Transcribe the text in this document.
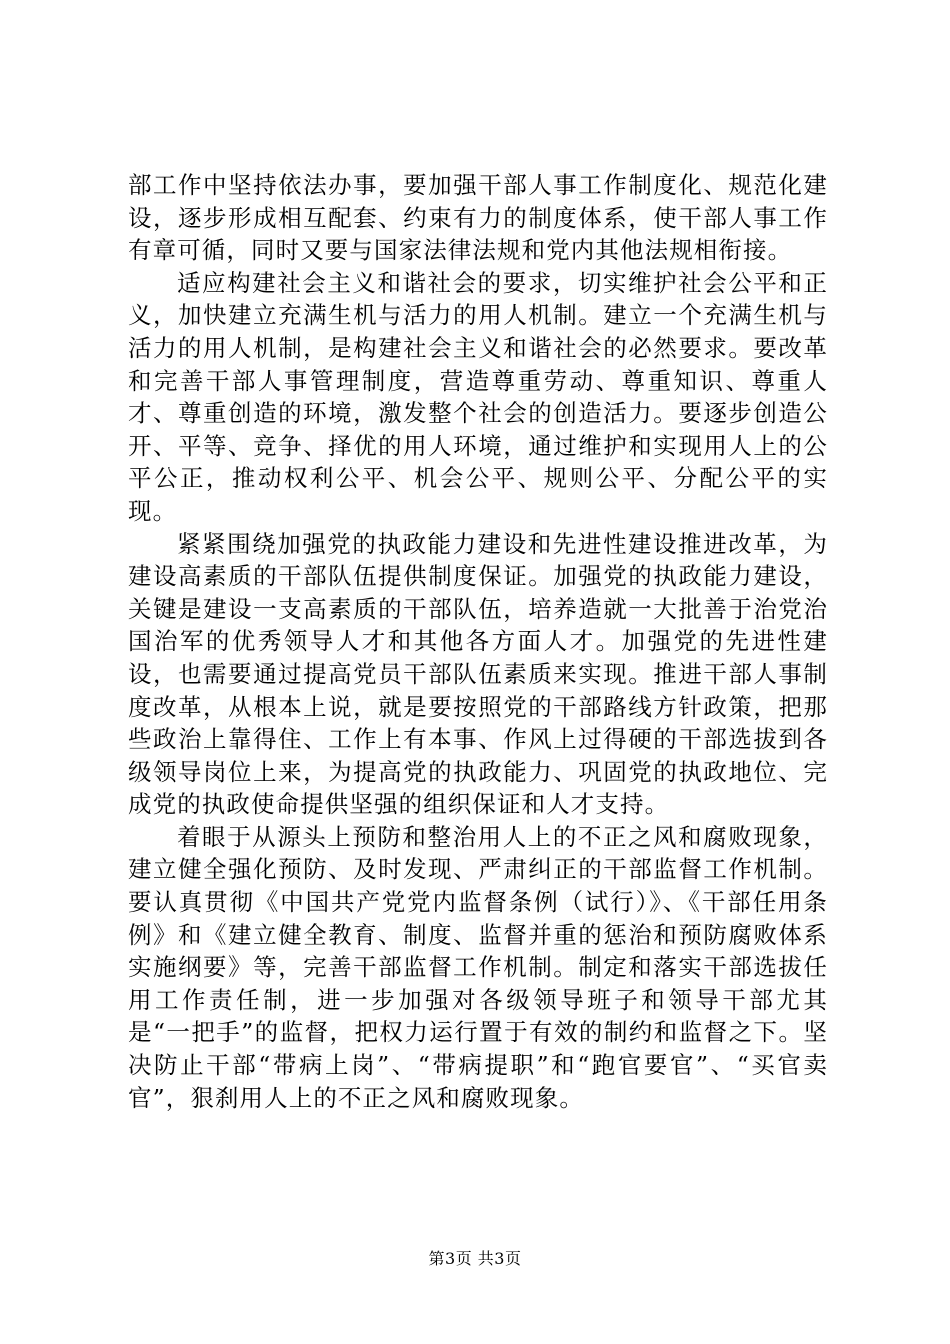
部工作中坚持依法办事，要加强干部人事工作制度化、规范化建设，逐步形成相互配套、约束有力的制度体系，使干部人事工作有章可循，同时又要与国家法律法规和党内其他法规相衔接。

适应构建社会主义和谐社会的要求，切实维护社会公平和正义，加快建立充满生机与活力的用人机制。建立一个充满生机与活力的用人机制，是构建社会主义和谐社会的必然要求。要改革和完善干部人事管理制度，营造尊重劳动、尊重知识、尊重人才、尊重创造的环境，激发整个社会的创造活力。要逐步创造公开、平等、竞争、择优的用人环境，通过维护和实现用人上的公平公正，推动权利公平、机会公平、规则公平、分配公平的实现。

紧紧围绕加强党的执政能力建设和先进性建设推进改革，为建设高素质的干部队伍提供制度保证。加强党的执政能力建设，关键是建设一支高素质的干部队伍，培养造就一大批善于治党治国治军的优秀领导人才和其他各方面人才。加强党的先进性建设，也需要通过提高党员干部队伍素质来实现。推进干部人事制度改革，从根本上说，就是要按照党的干部路线方针政策，把那些政治上靠得住、工作上有本事、作风上过得硬的干部选拔到各级领导岗位上来，为提高党的执政能力、巩固党的执政地位、完成党的执政使命提供坚强的组织保证和人才支持。

着眼于从源头上预防和整治用人上的不正之风和腐败现象，建立健全强化预防、及时发现、严肃纠正的干部监督工作机制。要认真贯彻《中国共产党党内监督条例（试行）》、《干部任用条例》和《建立健全教育、制度、监督并重的惩治和预防腐败体系实施纲要》等，完善干部监督工作机制。制定和落实干部选拔任用工作责任制，进一步加强对各级领导班子和领导干部尤其是“一把手”的监督，把权力运行置于有效的制约和监督之下。坚决防止干部“带病上岗”、“带病提职”和“跑官要官”、“买官卖官”，狠刹用人上的不正之风和腐败现象。

第3页 共3页
